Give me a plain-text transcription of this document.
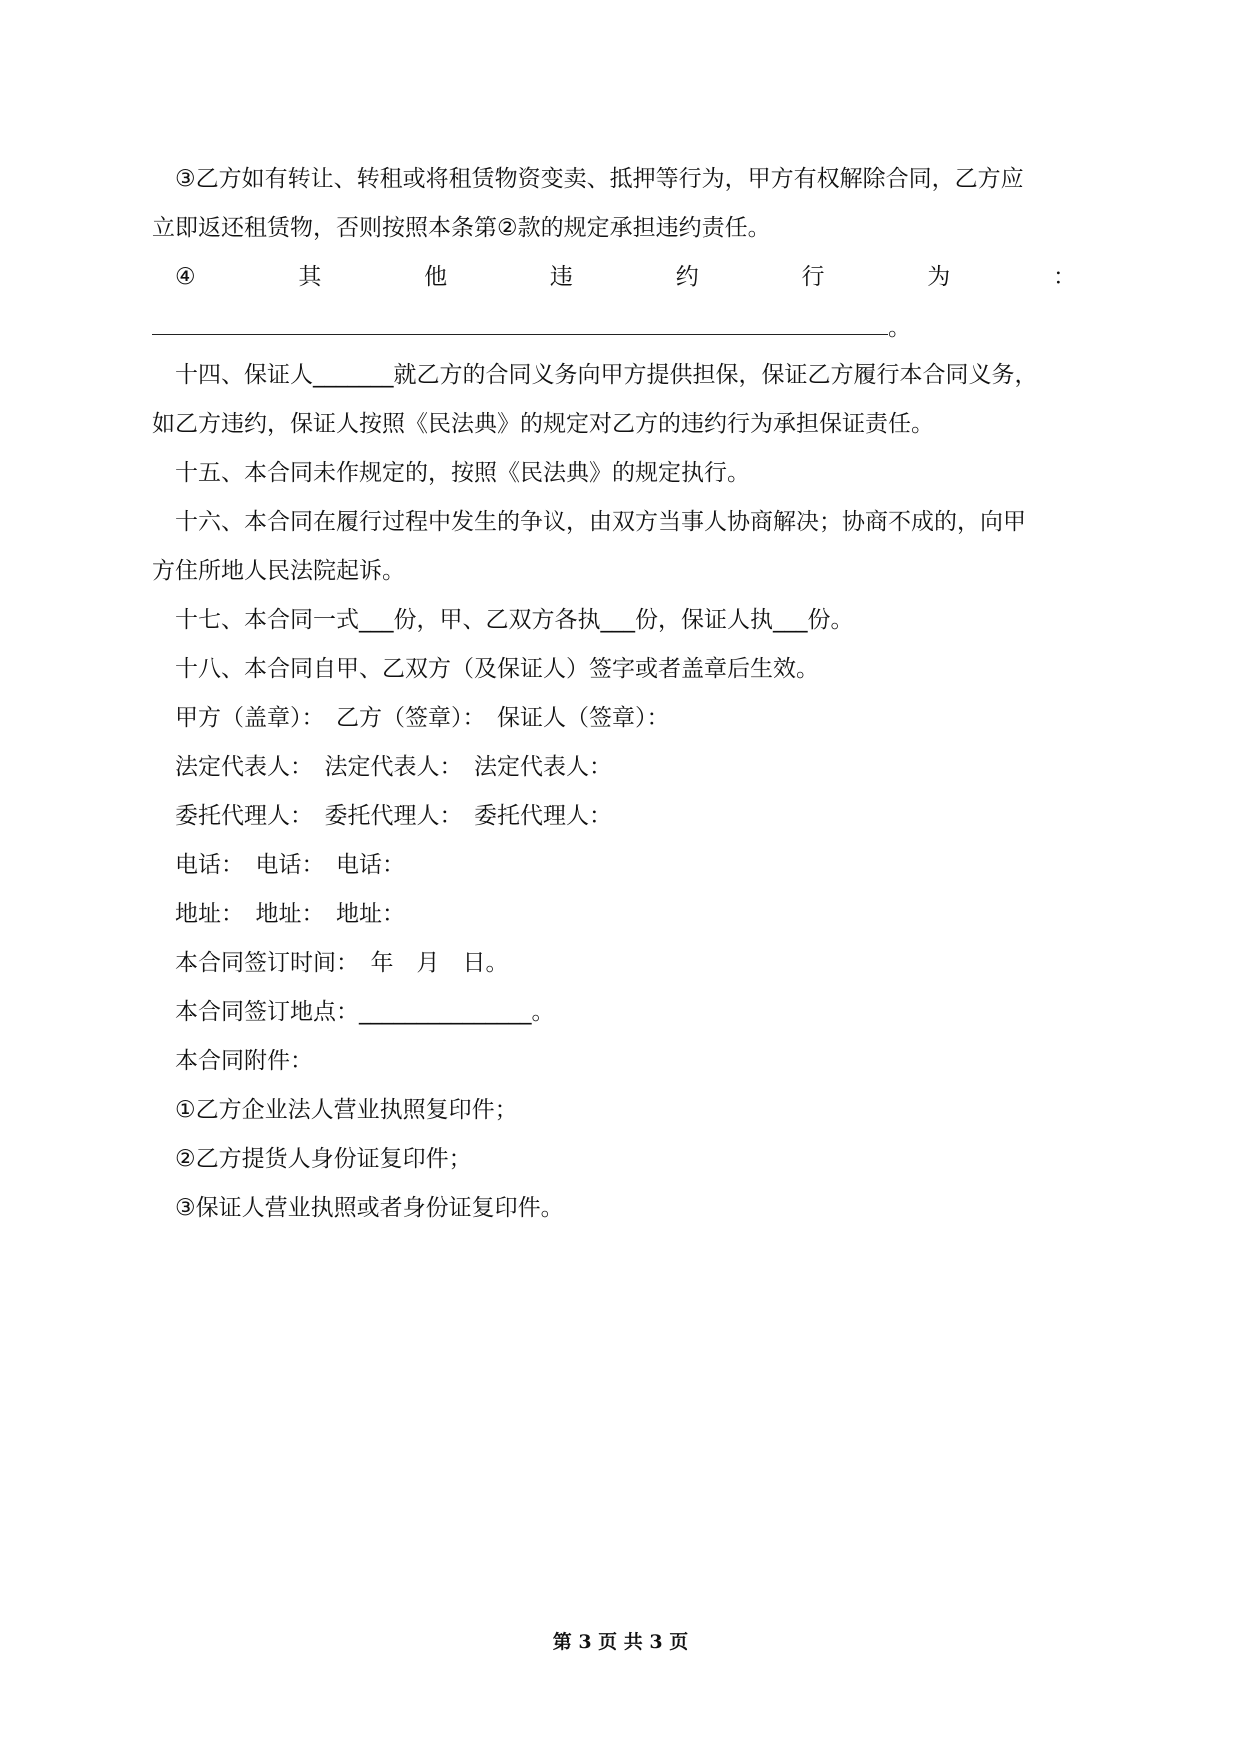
③乙方如有转让、转租或将租赁物资变卖、抵押等行为，甲方有权解除合同，乙方应
立即返还租赁物，否则按照本条第②款的规定承担违约责任。
④	其	他	违	约	行	为	：
。
十四、保证人_______就乙方的合同义务向甲方提供担保，保证乙方履行本合同义务，
如乙方违约，保证人按照《民法典》的规定对乙方的违约行为承担保证责任。
十五、本合同未作规定的，按照《民法典》的规定执行。
十六、本合同在履行过程中发生的争议，由双方当事人协商解决；协商不成的，向甲
方住所地人民法院起诉。
十七、本合同一式___份，甲、乙双方各执___份，保证人执___份。
十八、本合同自甲、乙双方（及保证人）签字或者盖章后生效。
甲方（盖章）：　乙方（签章）：　保证人（签章）：
法定代表人：　法定代表人：　法定代表人：
委托代理人：　委托代理人：　委托代理人：
电话：　电话：　电话：
地址：　地址：　地址：
本合同签订时间：　年　月　日。
本合同签订地点：_______________。
本合同附件：
①乙方企业法人营业执照复印件；
②乙方提货人身份证复印件；
③保证人营业执照或者身份证复印件。
第 3 页 共 3 页
